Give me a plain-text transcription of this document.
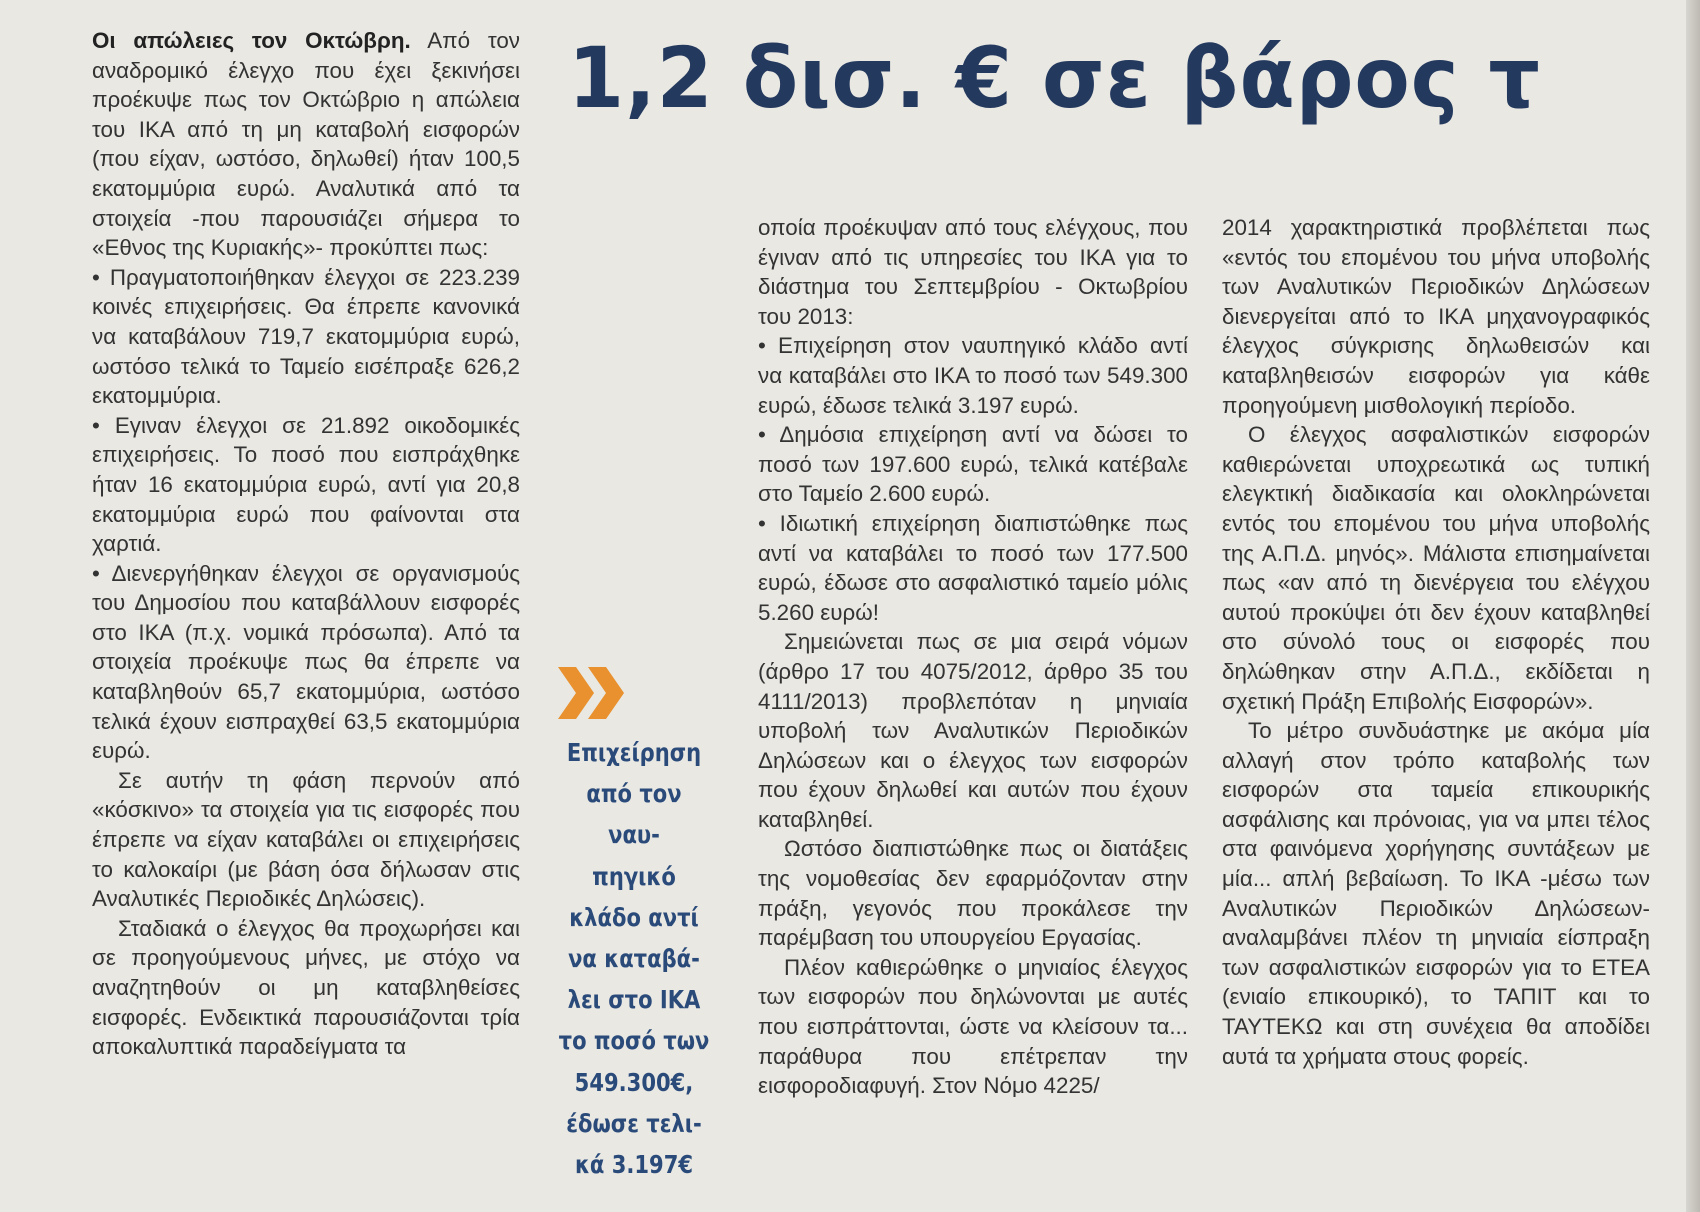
1,2 δισ. € σε βάρος τ

Οι απώλειες τον Οκτώβρη. Από τον αναδρομικό έλεγχο που έχει ξεκινήσει προέκυψε πως τον Οκτώβριο η απώλεια του ΙΚΑ από τη μη καταβολή εισφορών (που είχαν, ωστόσο, δηλωθεί) ήταν 100,5 εκατομμύρια ευρώ. Αναλυτικά από τα στοιχεία -που παρουσιάζει σήμερα το «Εθνος της Κυριακής»- προκύπτει πως:

• Πραγματοποιήθηκαν έλεγχοι σε 223.239 κοινές επιχειρήσεις. Θα έπρεπε κανονικά να καταβάλουν 719,7 εκατομμύρια ευρώ, ωστόσο τελικά το Ταμείο εισέπραξε 626,2 εκατομμύρια.

• Εγιναν έλεγχοι σε 21.892 οικοδομικές επιχειρήσεις. Το ποσό που εισπράχθηκε ήταν 16 εκατομμύρια ευρώ, αντί για 20,8 εκατομμύρια ευρώ που φαίνονται στα χαρτιά.

• Διενεργήθηκαν έλεγχοι σε οργανισμούς του Δημοσίου που καταβάλλουν εισφορές στο ΙΚΑ (π.χ. νομικά πρόσωπα). Από τα στοιχεία προέκυψε πως θα έπρεπε να καταβληθούν 65,7 εκατομμύρια, ωστόσο τελικά έχουν εισπραχθεί 63,5 εκατομμύρια ευρώ.

Σε αυτήν τη φάση περνούν από «κόσκινο» τα στοιχεία για τις εισφορές που έπρεπε να είχαν καταβάλει οι επιχειρήσεις το καλοκαίρι (με βάση όσα δήλωσαν στις Αναλυτικές Περιοδικές Δηλώσεις).

Σταδιακά ο έλεγχος θα προχωρήσει και σε προηγούμενους μήνες, με στόχο να αναζητηθούν οι μη καταβληθείσες εισφορές. Ενδεικτικά παρουσιάζονται τρία αποκαλυπτικά παραδείγματα τα

οποία προέκυψαν από τους ελέγχους, που έγιναν από τις υπηρεσίες του ΙΚΑ για το διάστημα του Σεπτεμβρίου - Οκτωβρίου του 2013:

• Επιχείρηση στον ναυπηγικό κλάδο αντί να καταβάλει στο ΙΚΑ το ποσό των 549.300 ευρώ, έδωσε τελικά 3.197 ευρώ.

• Δημόσια επιχείρηση αντί να δώσει το ποσό των 197.600 ευρώ, τελικά κατέβαλε στο Ταμείο 2.600 ευρώ.

• Ιδιωτική επιχείρηση διαπιστώθηκε πως αντί να καταβάλει το ποσό των 177.500 ευρώ, έδωσε στο ασφαλιστικό ταμείο μόλις 5.260 ευρώ!

Σημειώνεται πως σε μια σειρά νόμων (άρθρο 17 του 4075/2012, άρθρο 35 του 4111/2013) προβλεπόταν η μηνιαία υποβολή των Αναλυτικών Περιοδικών Δηλώσεων και ο έλεγχος των εισφορών που έχουν δηλωθεί και αυτών που έχουν καταβληθεί.

Ωστόσο διαπιστώθηκε πως οι διατάξεις της νομοθεσίας δεν εφαρμόζονταν στην πράξη, γεγονός που προκάλεσε την παρέμβαση του υπουργείου Εργασίας.

Πλέον καθιερώθηκε ο μηνιαίος έλεγχος των εισφορών που δηλώνονται με αυτές που εισπράττονται, ώστε να κλείσουν τα... παράθυρα που επέτρεπαν την εισφοροδιαφυγή. Στον Νόμο 4225/

2014 χαρακτηριστικά προβλέπεται πως «εντός του επομένου του μήνα υποβολής των Αναλυτικών Περιοδικών Δηλώσεων διενεργείται από το ΙΚΑ μηχανογραφικός έλεγχος σύγκρισης δηλωθεισών και καταβληθεισών εισφορών για κάθε προηγούμενη μισθολογική περίοδο.

Ο έλεγχος ασφαλιστικών εισφορών καθιερώνεται υποχρεωτικά ως τυπική ελεγκτική διαδικασία και ολοκληρώνεται εντός του επομένου του μήνα υποβολής της Α.Π.Δ. μηνός». Μάλιστα επισημαίνεται πως «αν από τη διενέργεια του ελέγχου αυτού προκύψει ότι δεν έχουν καταβληθεί στο σύνολό τους οι εισφορές που δηλώθηκαν στην Α.Π.Δ., εκδίδεται η σχετική Πράξη Επιβολής Εισφορών».

Το μέτρο συνδυάστηκε με ακόμα μία αλλαγή στον τρόπο καταβολής των εισφορών στα ταμεία επικουρικής ασφάλισης και πρόνοιας, για να μπει τέλος στα φαινόμενα χορήγησης συντάξεων με μία... απλή βεβαίωση. Το ΙΚΑ -μέσω των Αναλυτικών Περιοδικών Δηλώσεων- αναλαμβάνει πλέον τη μηνιαία είσπραξη των ασφαλιστικών εισφορών για το ΕΤΕΑ (ενιαίο επικουρικό), το ΤΑΠΙΤ και το ΤΑΥΤΕΚΩ και στη συνέχεια θα αποδίδει αυτά τα χρήματα στους φορείς.

Επιχείρηση

από τον ναυ-

πηγικό

κλάδο αντί

να καταβά-

λει στο ΙΚΑ

το ποσό των

549.300€,

έδωσε τελι-

κά 3.197€
